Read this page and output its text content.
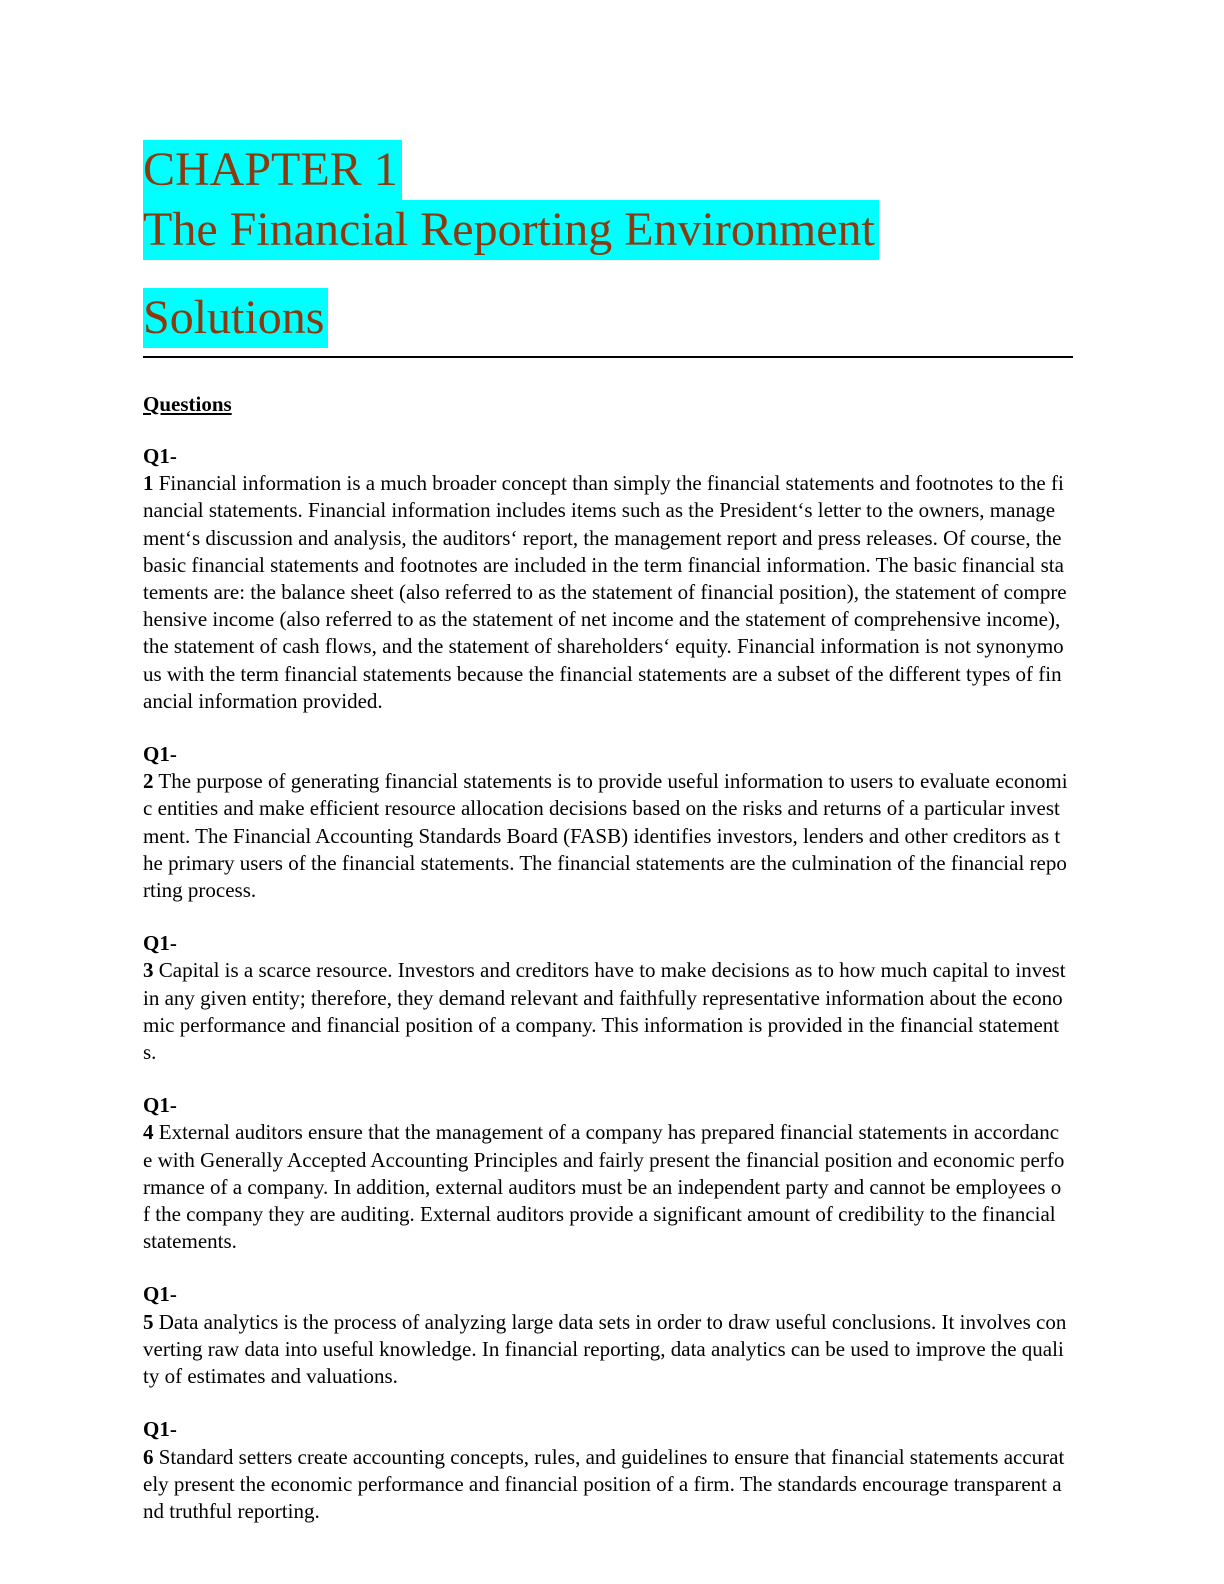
CHAPTER 1
The Financial Reporting Environment
Solutions
Questions
Q1-
1 Financial information is a much broader concept than simply the financial statements and footnotes to the financial statements. Financial information includes items such as the President‘s letter to the owners, management‘s discussion and analysis, the auditors‘ report, the management report and press releases. Of course, the basic financial statements and footnotes are included in the term financial information. The basic financial statements are: the balance sheet (also referred to as the statement of financial position), the statement of comprehensive income (also referred to as the statement of net income and the statement of comprehensive income), the statement of cash flows, and the statement of shareholders‘ equity. Financial information is not synonymous with the term financial statements because the financial statements are a subset of the different types of financial information provided.
Q1-
2 The purpose of generating financial statements is to provide useful information to users to evaluate economic entities and make efficient resource allocation decisions based on the risks and returns of a particular investment. The Financial Accounting Standards Board (FASB) identifies investors, lenders and other creditors as the primary users of the financial statements. The financial statements are the culmination of the financial reporting process.
Q1-
3 Capital is a scarce resource. Investors and creditors have to make decisions as to how much capital to invest in any given entity; therefore, they demand relevant and faithfully representative information about the economic performance and financial position of a company. This information is provided in the financial statements.
Q1-
4 External auditors ensure that the management of a company has prepared financial statements in accordance with Generally Accepted Accounting Principles and fairly present the financial position and economic performance of a company. In addition, external auditors must be an independent party and cannot be employees of the company they are auditing. External auditors provide a significant amount of credibility to the financial statements.
Q1-
5 Data analytics is the process of analyzing large data sets in order to draw useful conclusions. It involves converting raw data into useful knowledge. In financial reporting, data analytics can be used to improve the quality of estimates and valuations.
Q1-
6 Standard setters create accounting concepts, rules, and guidelines to ensure that financial statements accurately present the economic performance and financial position of a firm. The standards encourage transparent and truthful reporting.
